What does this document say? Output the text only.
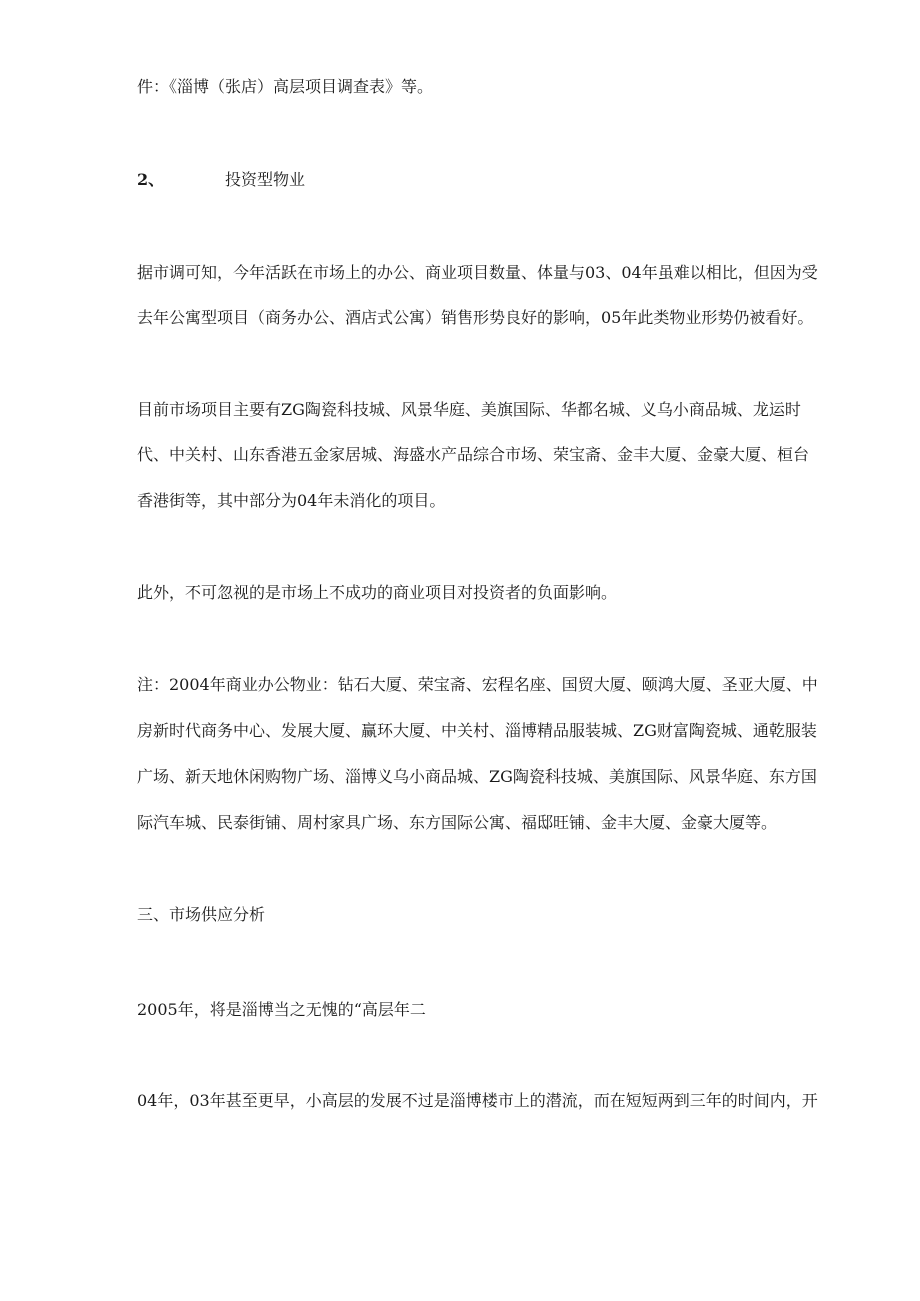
件：《淄博（张店）高层项目调查表》等。
2、	投资型物业
据市调可知，今年活跃在市场上的办公、商业项目数量、体量与03、04年虽难以相比，但因为受
去年公寓型项目（商务办公、酒店式公寓）销售形势良好的影响，05年此类物业形势仍被看好。
目前市场项目主要有ZG陶瓷科技城、风景华庭、美旗国际、华都名城、义乌小商品城、龙运时
代、中关村、山东香港五金家居城、海盛水产品综合市场、荣宝斋、金丰大厦、金豪大厦、桓台
香港街等，其中部分为04年未消化的项目。
此外，不可忽视的是市场上不成功的商业项目对投资者的负面影响。
注：2004年商业办公物业：钻石大厦、荣宝斋、宏程名座、国贸大厦、颐鸿大厦、圣亚大厦、中
房新时代商务中心、发展大厦、赢环大厦、中关村、淄博精品服装城、ZG财富陶瓷城、通乾服装
广场、新天地休闲购物广场、淄博义乌小商品城、ZG陶瓷科技城、美旗国际、风景华庭、东方国
际汽车城、民泰街铺、周村家具广场、东方国际公寓、福邸旺铺、金丰大厦、金豪大厦等。
三、市场供应分析
2005年，将是淄博当之无愧的“高层年二
04年，03年甚至更早，小高层的发展不过是淄博楼市上的潜流，而在短短两到三年的时间内，开
